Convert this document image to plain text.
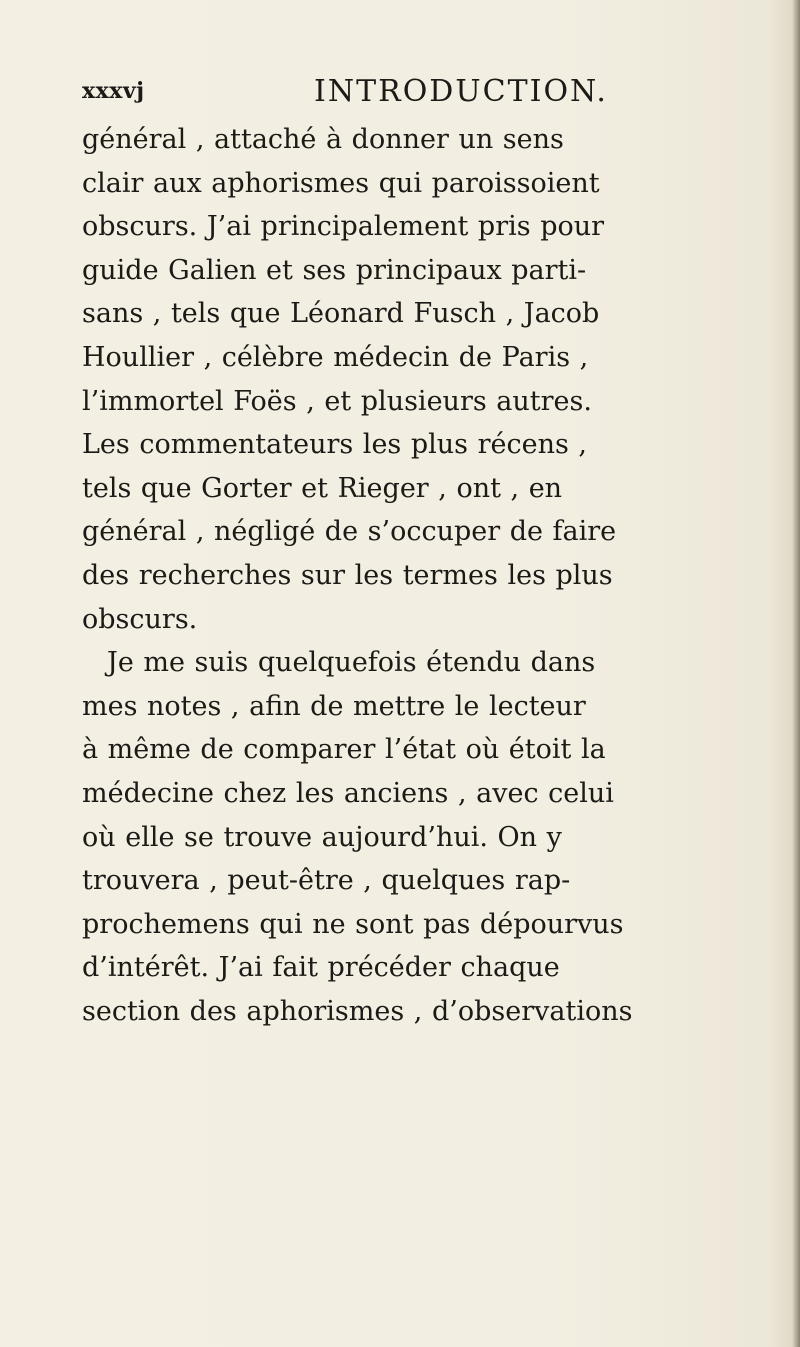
xxxvj	INTRODUCTION.
général , attaché à donner un sens
clair aux aphorismes qui paroissoient
obscurs. J’ai principalement pris pour
guide Galien et ses principaux parti-
sans , tels que Léonard Fusch , Jacob
Houllier , célèbre médecin de Paris ,
l’immortel Foës , et plusieurs autres.
Les commentateurs les plus récens ,
tels que Gorter et Rieger , ont , en
général , négligé de s’occuper de faire
des recherches sur les termes les plus
obscurs.
Je me suis quelquefois étendu dans
mes notes , afin de mettre le lecteur
à même de comparer l’état où étoit la
médecine chez les anciens , avec celui
où elle se trouve aujourd’hui. On y
trouvera , peut-être , quelques rap-
prochemens qui ne sont pas dépourvus
d’intérêt. J’ai fait précéder chaque
section des aphorismes , d’observations
